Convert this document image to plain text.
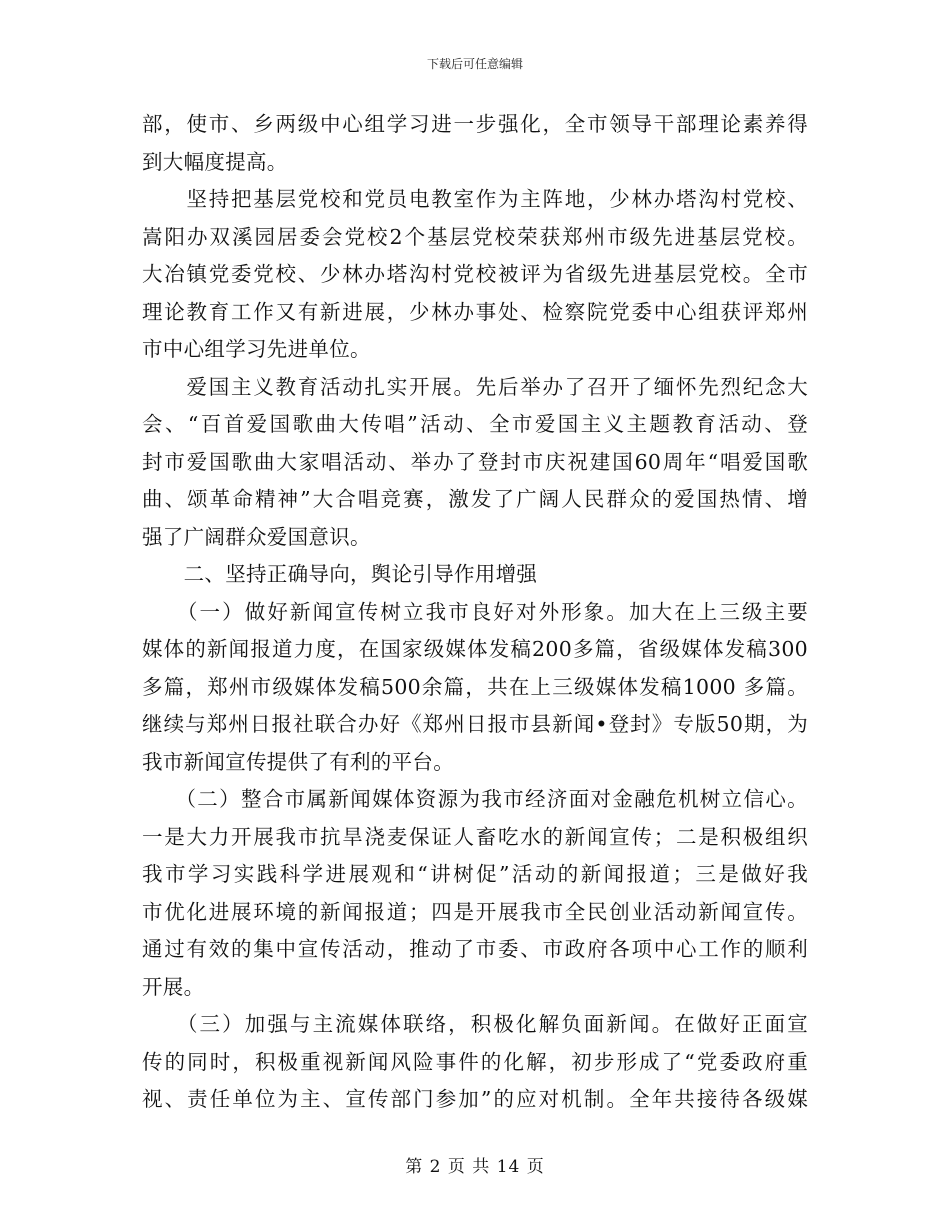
下载后可任意编辑
部，使市、乡两级中心组学习进一步强化，全市领导干部理论素养得
到大幅度提高。
　　坚持把基层党校和党员电教室作为主阵地，少林办塔沟村党校、
嵩阳办双溪园居委会党校2个基层党校荣获郑州市级先进基层党校。
大冶镇党委党校、少林办塔沟村党校被评为省级先进基层党校。全市
理论教育工作又有新进展，少林办事处、检察院党委中心组获评郑州
市中心组学习先进单位。
　　爱国主义教育活动扎实开展。先后举办了召开了缅怀先烈纪念大
会、“百首爱国歌曲大传唱”活动、全市爱国主义主题教育活动、登
封市爱国歌曲大家唱活动、举办了登封市庆祝建国60周年“唱爱国歌
曲、颂革命精神”大合唱竞赛，激发了广阔人民群众的爱国热情、增
强了广阔群众爱国意识。
　　二、坚持正确导向，舆论引导作用增强
　　（一）做好新闻宣传树立我市良好对外形象。加大在上三级主要
媒体的新闻报道力度，在国家级媒体发稿200多篇，省级媒体发稿300
多篇，郑州市级媒体发稿500余篇，共在上三级媒体发稿1000 多篇。
继续与郑州日报社联合办好《郑州日报市县新闻•登封》专版50期，为
我市新闻宣传提供了有利的平台。
　　（二）整合市属新闻媒体资源为我市经济面对金融危机树立信心。
一是大力开展我市抗旱浇麦保证人畜吃水的新闻宣传；二是积极组织
我市学习实践科学进展观和“讲树促”活动的新闻报道；三是做好我
市优化进展环境的新闻报道；四是开展我市全民创业活动新闻宣传。
通过有效的集中宣传活动，推动了市委、市政府各项中心工作的顺利
开展。
　　（三）加强与主流媒体联络，积极化解负面新闻。在做好正面宣
传的同时，积极重视新闻风险事件的化解，初步形成了“党委政府重
视、责任单位为主、宣传部门参加”的应对机制。全年共接待各级媒
第 2 页 共 14 页
